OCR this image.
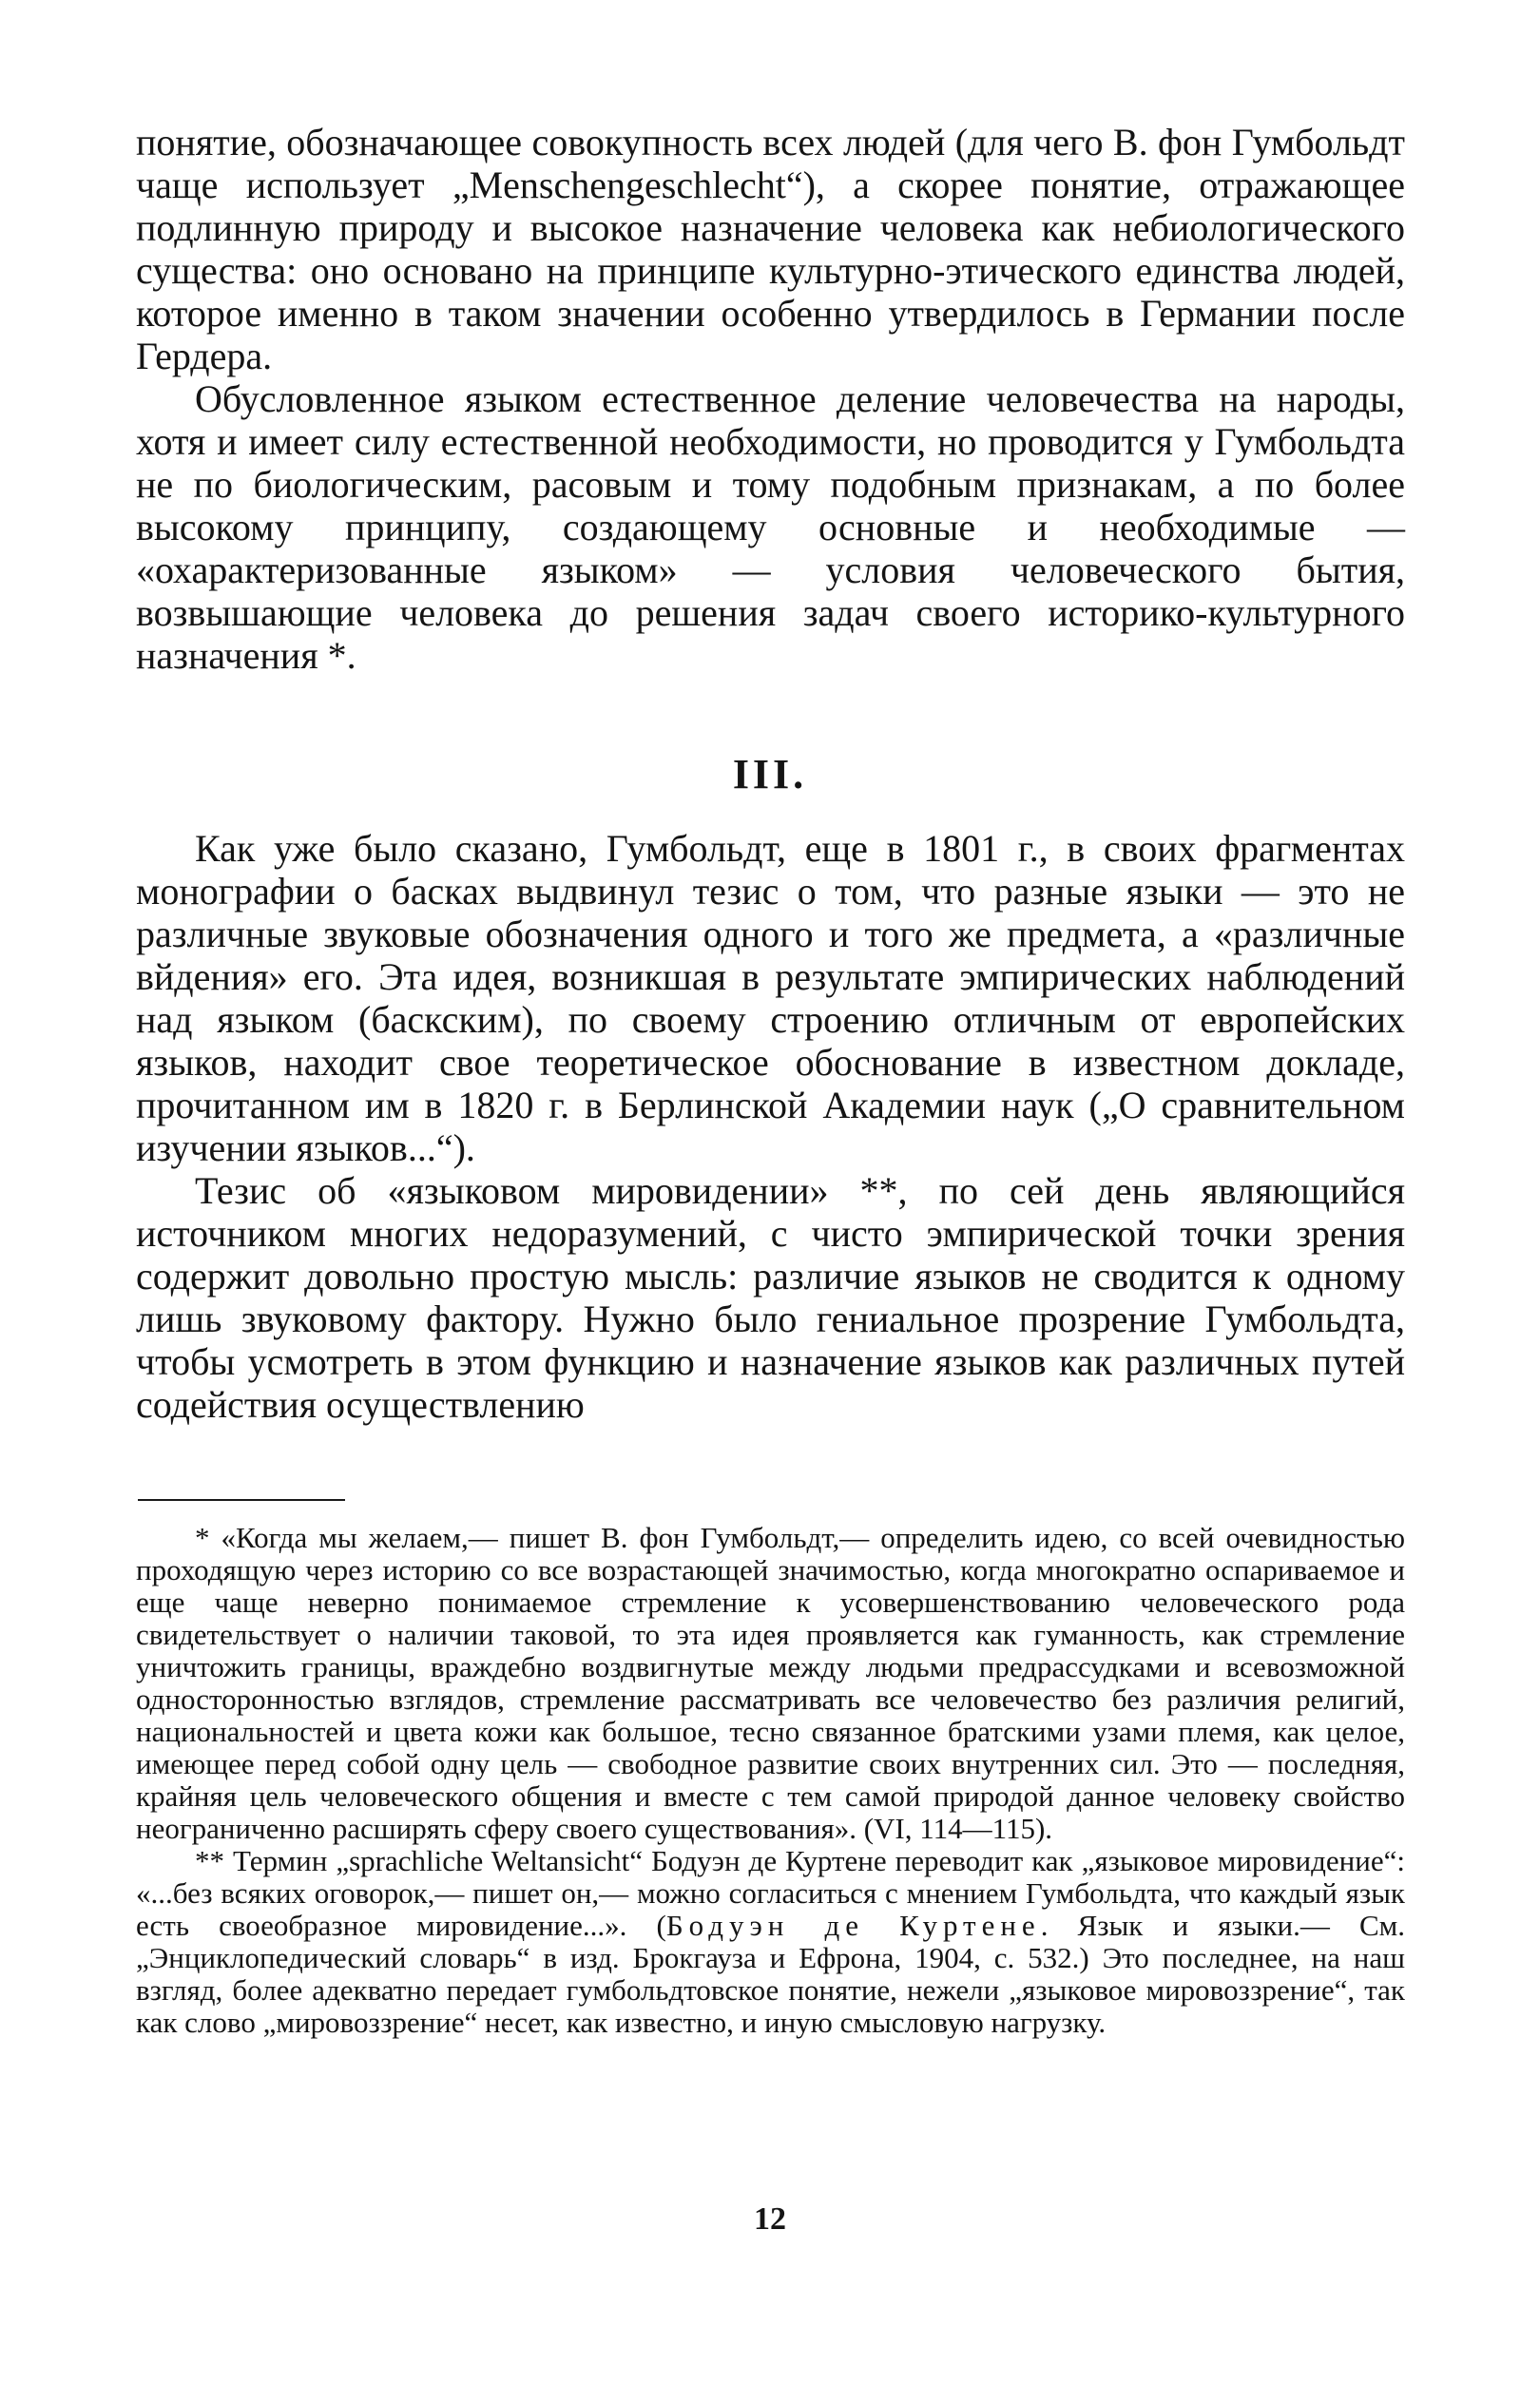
понятие, обозначающее совокупность всех людей (для чего В. фон Гумбольдт чаще использует „Menschengeschlecht“), а скорее понятие, отражающее подлинную природу и высокое назначение человека как небиологического существа: оно основано на принципе культурно-этического единства людей, которое именно в таком значении особенно утвердилось в Германии после Гердера.

Обусловленное языком естественное деление человечества на народы, хотя и имеет силу естественной необходимости, но проводится у Гумбольдта не по биологическим, расовым и тому подобным признакам, а по более высокому принципу, создающему основные и необходимые — «охарактеризованные языком» — условия человеческого бытия, возвышающие человека до решения задач своего историко-культурного назначения *.

III.

Как уже было сказано, Гумбольдт, еще в 1801 г., в своих фрагментах монографии о басках выдвинул тезис о том, что разные языки — это не различные звуковые обозначения одного и того же предмета, а «различные вйдения» его. Эта идея, возникшая в результате эмпирических наблюдений над языком (баскским), по своему строению отличным от европейских языков, находит свое теоретическое обоснование в известном докладе, прочитанном им в 1820 г. в Берлинской Академии наук („О сравнительном изучении языков...“).

Тезис об «языковом мировидении» **, по сей день являющийся источником многих недоразумений, с чисто эмпирической точки зрения содержит довольно простую мысль: различие языков не сводится к одному лишь звуковому фактору. Нужно было гениальное прозрение Гумбольдта, чтобы усмотреть в этом функцию и назначение языков как различных путей содействия осуществлению

* «Когда мы желаем,— пишет В. фон Гумбольдт,— определить идею, со всей очевидностью проходящую через историю со все возрастающей значимостью, когда многократно оспариваемое и еще чаще неверно понимаемое стремление к усовершенствованию человеческого рода свидетельствует о наличии таковой, то эта идея проявляется как гуманность, как стремление уничтожить границы, враждебно воздвигнутые между людьми предрассудками и всевозможной односторонностью взглядов, стремление рассматривать все человечество без различия религий, национальностей и цвета кожи как большое, тесно связанное братскими узами племя, как целое, имеющее перед собой одну цель — свободное развитие своих внутренних сил. Это — последняя, крайняя цель человеческого общения и вместе с тем самой природой данное человеку свойство неограниченно расширять сферу своего существования». (VI, 114—115).

** Термин „sprachliche Weltansicht“ Бодуэн де Куртене переводит как „языковое мировидение“: «...без всяких оговорок,— пишет он,— можно согласиться с мнением Гумбольдта, что каждый язык есть своеобразное мировидение...». (Бодуэн де Куртене. Язык и языки.— См. „Энциклопедический словарь“ в изд. Брокгауза и Ефрона, 1904, с. 532.) Это последнее, на наш взгляд, более адекватно передает гумбольдтовское понятие, нежели „языковое мировоззрение“, так как слово „мировоззрение“ несет, как известно, и иную смысловую нагрузку.

12
